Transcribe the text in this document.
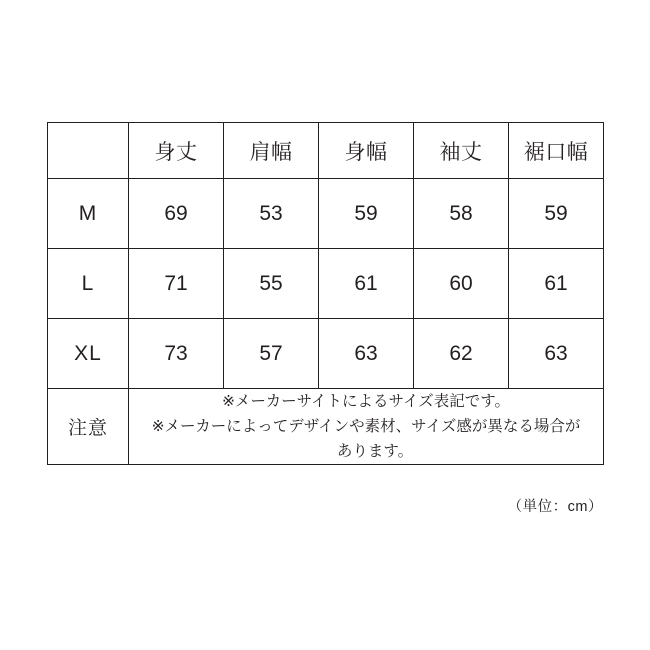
	身丈	肩幅	身幅	袖丈	裾口幅
M	69	53	59	58	59
L	71	55	61	60	61
XL	73	57	63	62	63
注意	※メーカーサイトによるサイズ表記です。
※メーカーによってデザインや素材、サイズ感が異なる場合が
あります。				
（単位：cm）
